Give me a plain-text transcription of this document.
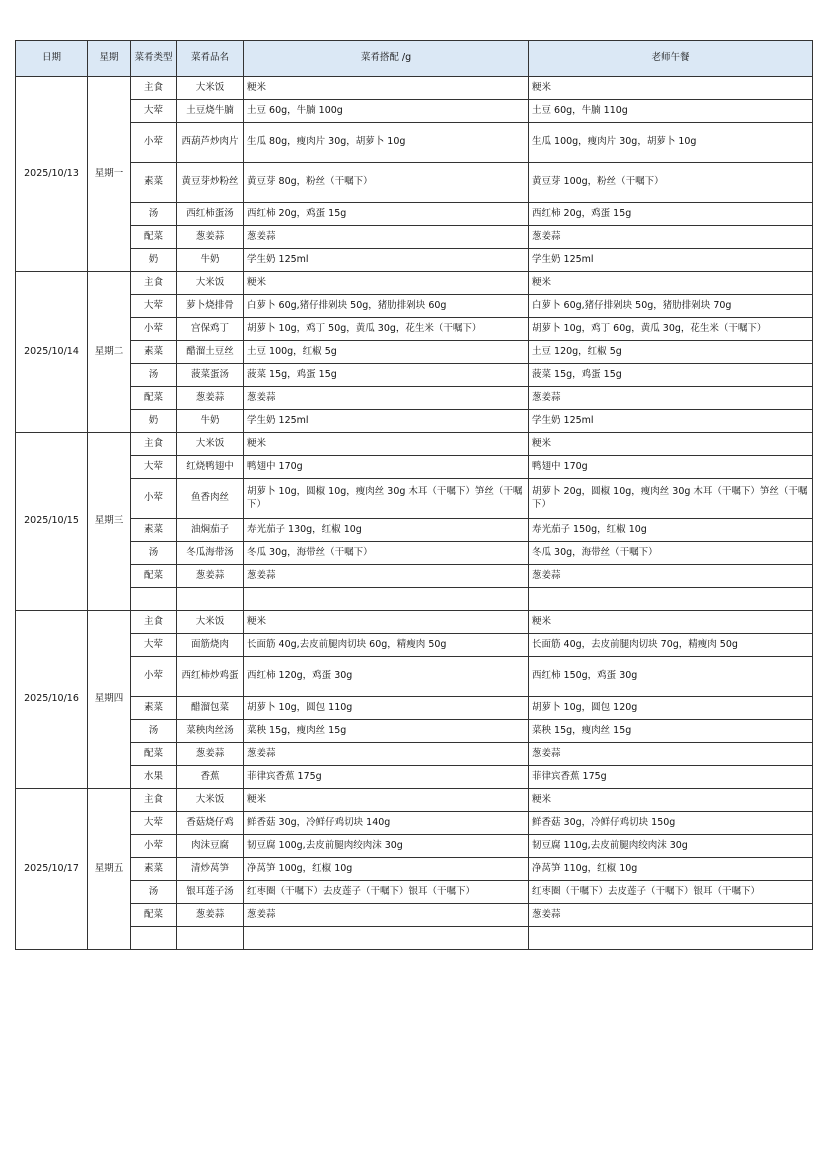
日期	星期	菜肴类型	菜肴品名	菜肴搭配 /g	老师午餐
2025/10/13	星期一	主食	大米饭	粳米	粳米
		大荤	土豆烧牛腩	土豆 60g，牛腩 100g	土豆 60g，牛腩 110g
		小荤	西葫芦炒肉片	生瓜 80g，瘦肉片 30g，胡萝卜 10g	生瓜 100g，瘦肉片 30g，胡萝卜 10g
		素菜	黄豆芽炒粉丝	黄豆芽 80g，粉丝（干嘱下）	黄豆芽 100g，粉丝（干嘱下）
		汤	西红柿蛋汤	西红柿 20g，鸡蛋 15g	西红柿 20g，鸡蛋 15g
		配菜	葱姜蒜	葱姜蒜	葱姜蒜
		奶	牛奶	学生奶 125ml	学生奶 125ml
2025/10/14	星期二	主食	大米饭	粳米	粳米
		大荤	萝卜烧排骨	白萝卜 60g,猪仔排剁块 50g，猪肋排剁块 60g	白萝卜 60g,猪仔排剁块 50g，猪肋排剁块 70g
		小荤	宫保鸡丁	胡萝卜 10g，鸡丁 50g，黄瓜 30g，花生米（干嘱下）	胡萝卜 10g，鸡丁 60g，黄瓜 30g，花生米（干嘱下）
		素菜	醋溜土豆丝	土豆 100g，红椒 5g	土豆 120g，红椒 5g
		汤	菠菜蛋汤	菠菜 15g，鸡蛋 15g	菠菜 15g，鸡蛋 15g
		配菜	葱姜蒜	葱姜蒜	葱姜蒜
		奶	牛奶	学生奶 125ml	学生奶 125ml
2025/10/15	星期三	主食	大米饭	粳米	粳米
		大荤	红烧鸭翅中	鸭翅中 170g	鸭翅中 170g
		小荤	鱼香肉丝	胡萝卜 10g，圆椒 10g，瘦肉丝 30g 木耳（干嘱下）笋丝（干嘱下）	胡萝卜 20g，圆椒 10g，瘦肉丝 30g 木耳（干嘱下）笋丝（干嘱下）
		素菜	油焖茄子	寿光茄子 130g，红椒 10g	寿光茄子 150g，红椒 10g
		汤	冬瓜海带汤	冬瓜 30g，海带丝（干嘱下）	冬瓜 30g，海带丝（干嘱下）
		配菜	葱姜蒜	葱姜蒜	葱姜蒜

2025/10/16	星期四	主食	大米饭	粳米	粳米
		大荤	面筋烧肉	长面筋 40g,去皮前腿肉切块 60g，精瘦肉 50g	长面筋 40g，去皮前腿肉切块 70g，精瘦肉 50g
		小荤	西红柿炒鸡蛋	西红柿 120g，鸡蛋 30g	西红柿 150g，鸡蛋 30g
		素菜	醋溜包菜	胡萝卜 10g，圆包 110g	胡萝卜 10g，圆包 120g
		汤	菜秧肉丝汤	菜秧 15g，瘦肉丝 15g	菜秧 15g，瘦肉丝 15g
		配菜	葱姜蒜	葱姜蒜	葱姜蒜
		水果	香蕉	菲律宾香蕉 175g	菲律宾香蕉 175g
2025/10/17	星期五	主食	大米饭	粳米	粳米
		大荤	香菇烧仔鸡	鲜香菇 30g，冷鲜仔鸡切块 140g	鲜香菇 30g，冷鲜仔鸡切块 150g
		小荤	肉沫豆腐	韧豆腐 100g,去皮前腿肉绞肉沫 30g	韧豆腐 110g,去皮前腿肉绞肉沫 30g
		素菜	清炒莴笋	净莴笋 100g，红椒 10g	净莴笋 110g，红椒 10g
		汤	银耳莲子汤	红枣圈（干嘱下）去皮莲子（干嘱下）银耳（干嘱下）	红枣圈（干嘱下）去皮莲子（干嘱下）银耳（干嘱下）
		配菜	葱姜蒜	葱姜蒜	葱姜蒜
